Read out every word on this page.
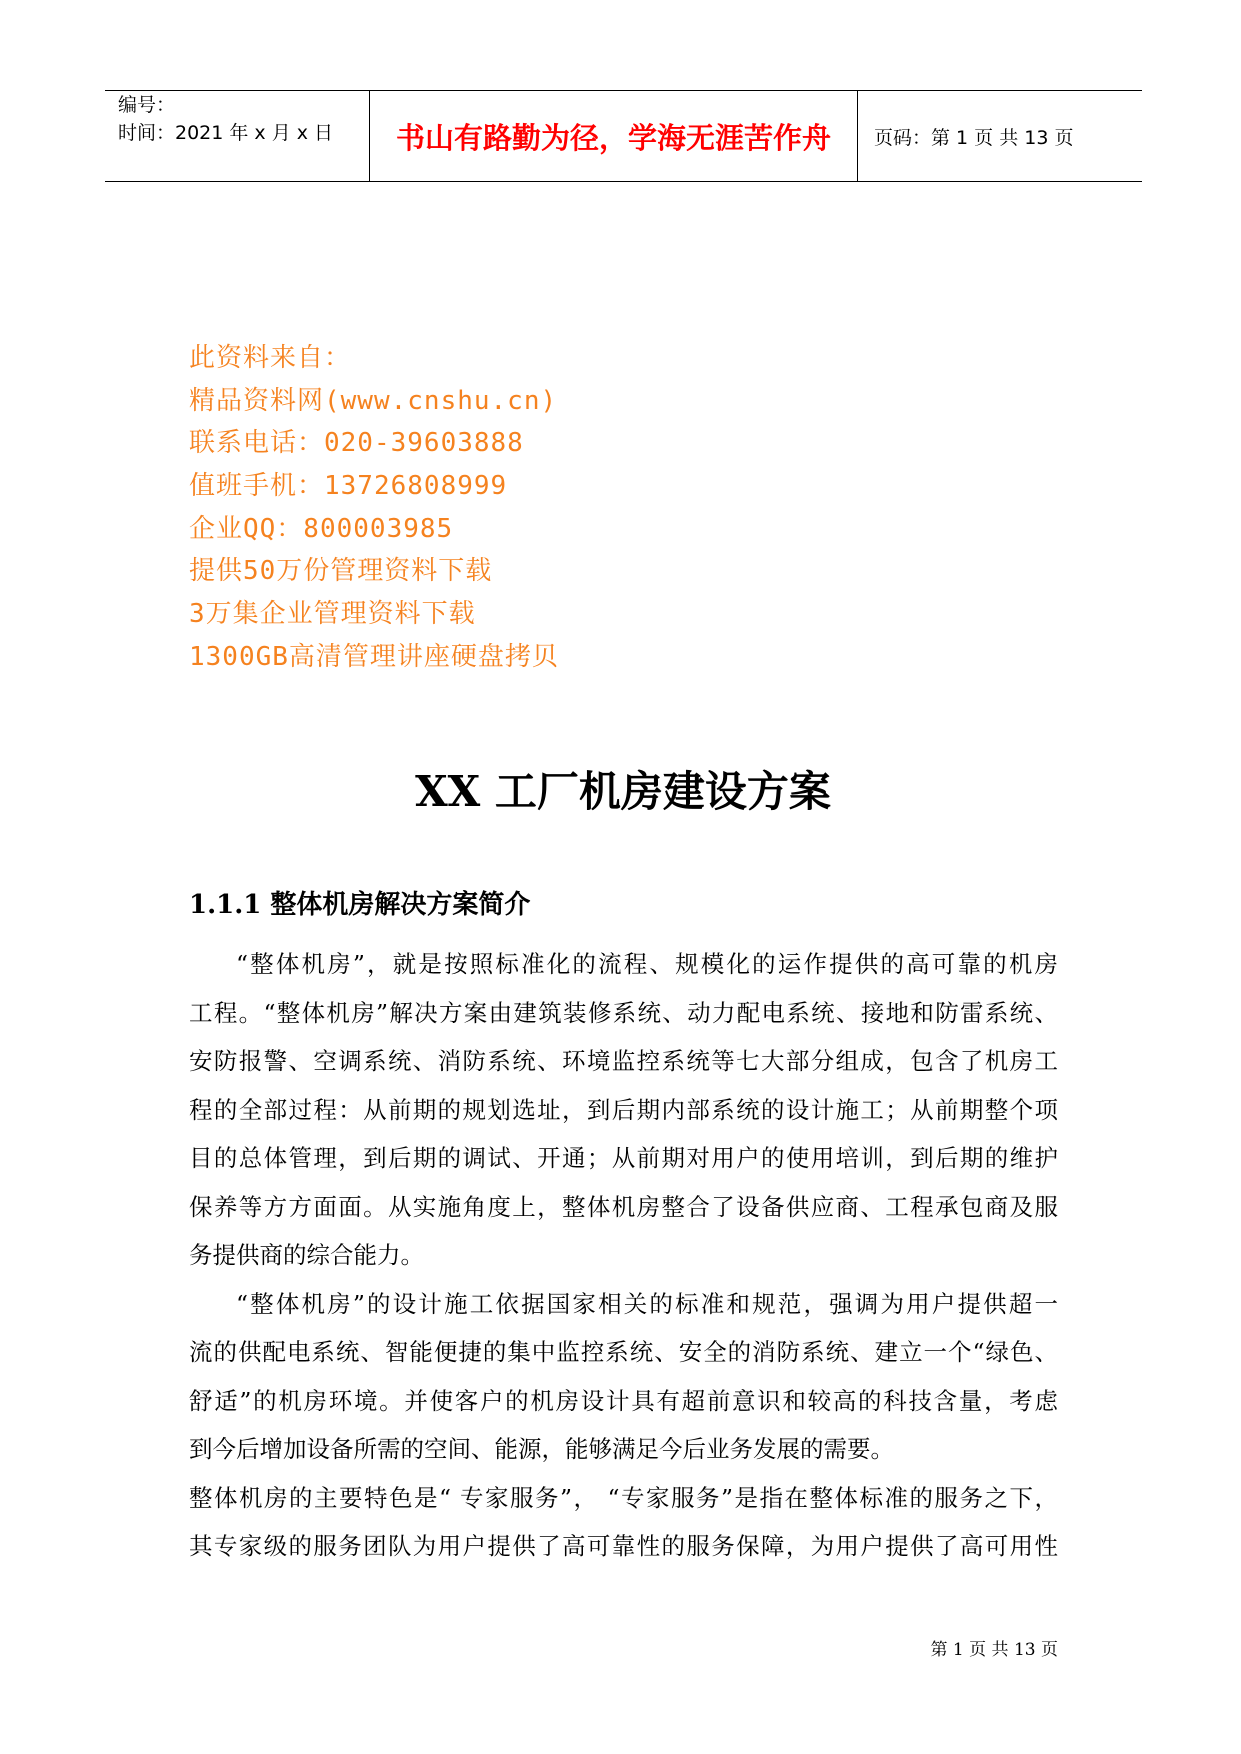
编号：
时间：2021 年 x 月 x 日	书山有路勤为径，学海无涯苦作舟 页码：第 1 页 共 13 页
此资料来自：
精品资料网(www.cnshu.cn)
联系电话：020-39603888
值班手机：13726808999
企业QQ：800003985
提供50万份管理资料下载
3万集企业管理资料下载
1300GB高清管理讲座硬盘拷贝
XX 工厂机房建设方案
1.1.1 整体机房解决方案简介
“整体机房”，就是按照标准化的流程、规模化的运作提供的高可靠的机房
工程。“整体机房”解决方案由建筑装修系统、动力配电系统、接地和防雷系统、
安防报警、空调系统、消防系统、环境监控系统等七大部分组成，包含了机房工
程的全部过程：从前期的规划选址，到后期内部系统的设计施工；从前期整个项
目的总体管理，到后期的调试、开通；从前期对用户的使用培训，到后期的维护
保养等方方面面。从实施角度上，整体机房整合了设备供应商、工程承包商及服
务提供商的综合能力。
“整体机房”的设计施工依据国家相关的标准和规范，强调为用户提供超一
流的供配电系统、智能便捷的集中监控系统、安全的消防系统、建立一个“绿色、
舒适”的机房环境。并使客户的机房设计具有超前意识和较高的科技含量，考虑
到今后增加设备所需的空间、能源，能够满足今后业务发展的需要。
整体机房的主要特色是“ 专家服务”， “专家服务”是指在整体标准的服务之下，
其专家级的服务团队为用户提供了高可靠性的服务保障，为用户提供了高可用性
第 1 页 共 13 页
